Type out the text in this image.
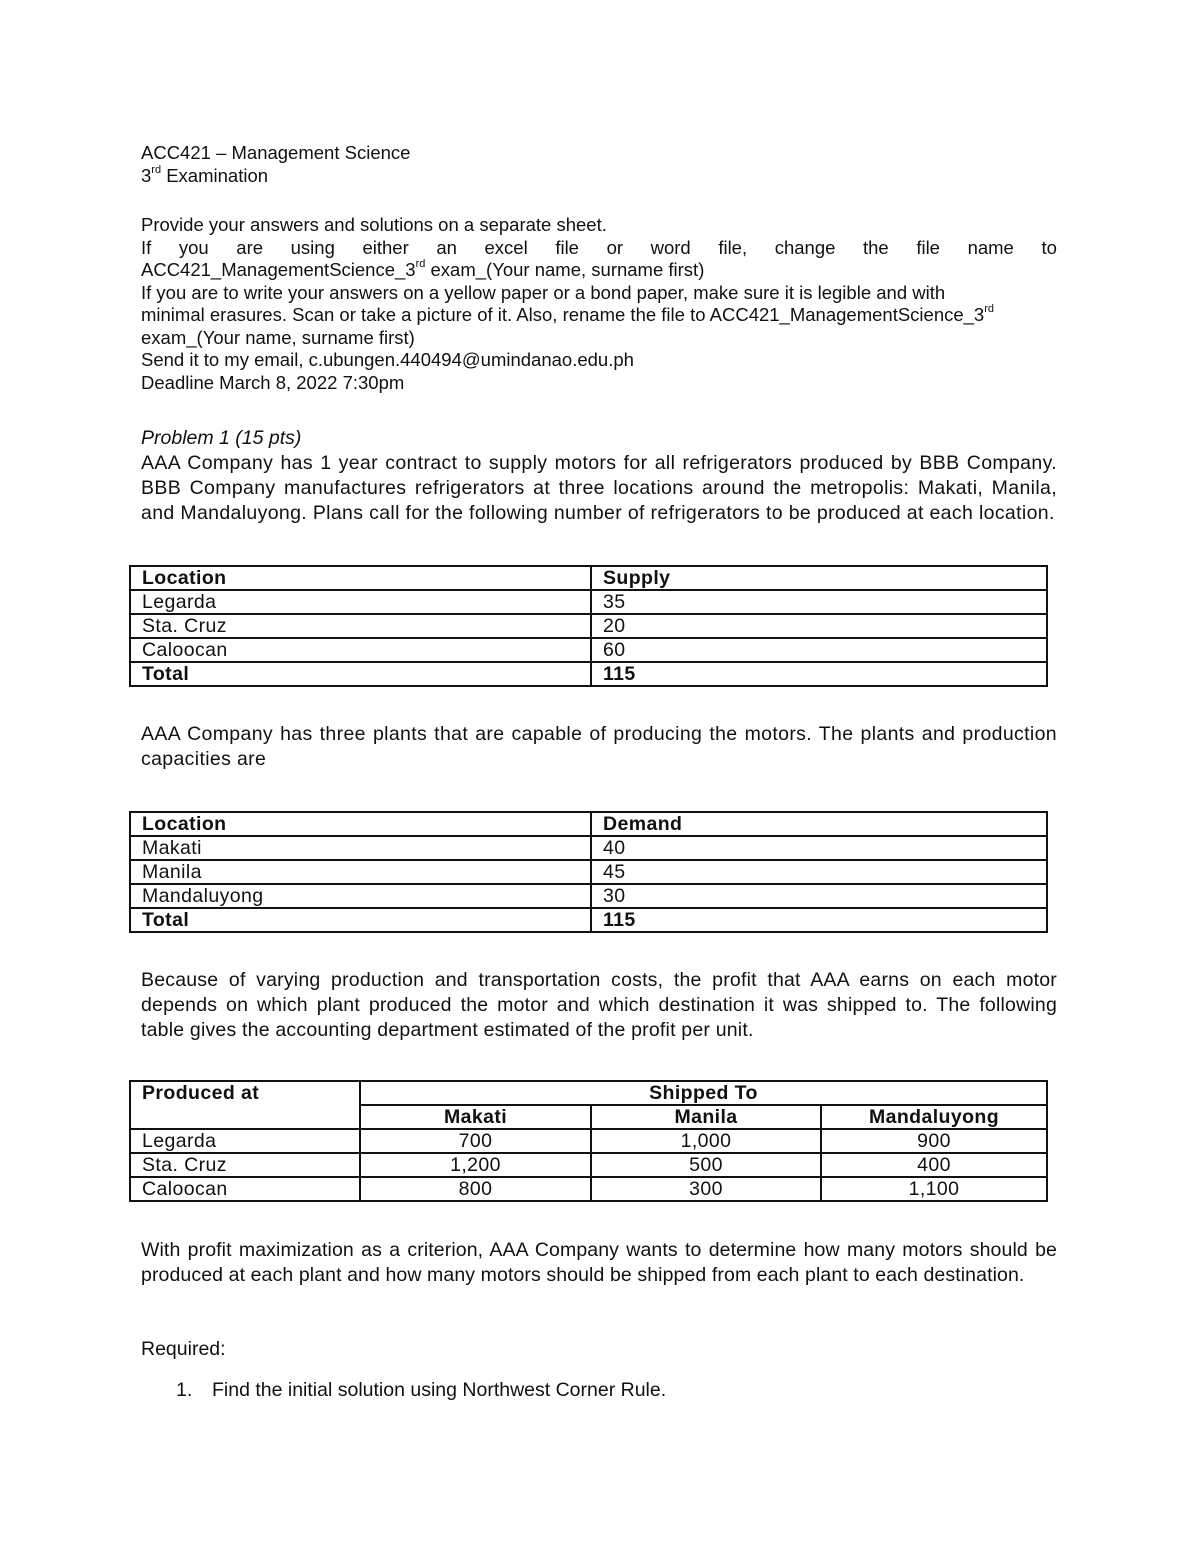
ACC421 – Management Science
3rd Examination
Provide your answers and solutions on a separate sheet.
If you are using either an excel file or word file, change the file name to
ACC421_ManagementScience_3rd exam_(Your name, surname first)
If you are to write your answers on a yellow paper or a bond paper, make sure it is legible and with
minimal erasures. Scan or take a picture of it. Also, rename the file to ACC421_ManagementScience_3rd
exam_(Your name, surname first)
Send it to my email, c.ubungen.440494@umindanao.edu.ph
Deadline March 8, 2022 7:30pm
Problem 1 (15 pts)
AAA Company has 1 year contract to supply motors for all refrigerators produced by BBB Company. BBB Company manufactures refrigerators at three locations around the metropolis: Makati, Manila, and Mandaluyong. Plans call for the following number of refrigerators to be produced at each location.
Location	Supply
Legarda	35
Sta. Cruz	20
Caloocan	60
Total	115
AAA Company has three plants that are capable of producing the motors. The plants and production capacities are
Location	Demand
Makati	40
Manila	45
Mandaluyong	30
Total	115
Because of varying production and transportation costs, the profit that AAA earns on each motor depends on which plant produced the motor and which destination it was shipped to. The following table gives the accounting department estimated of the profit per unit.
Produced at	Shipped To		
	Makati	Manila	Mandaluyong
Legarda	700	1,000	900
Sta. Cruz	1,200	500	400
Caloocan	800	300	1,100
With profit maximization as a criterion, AAA Company wants to determine how many motors should be produced at each plant and how many motors should be shipped from each plant to each destination.
Required:
1. Find the initial solution using Northwest Corner Rule.
